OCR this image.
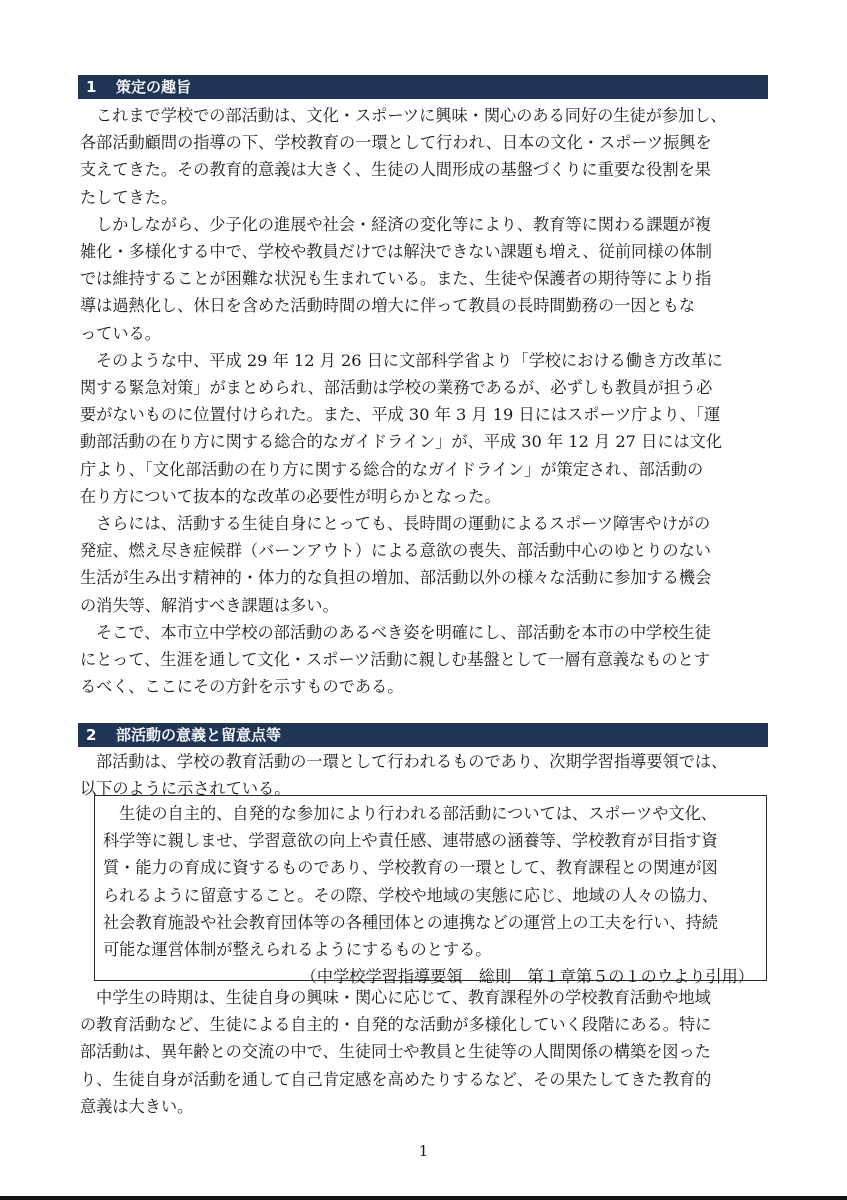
1 策定の趣旨
これまで学校での部活動は、文化・スポーツに興味・関心のある同好の生徒が参加し、
各部活動顧問の指導の下、学校教育の一環として行われ、日本の文化・スポーツ振興を
支えてきた。その教育的意義は大きく、生徒の人間形成の基盤づくりに重要な役割を果
たしてきた。
しかしながら、少子化の進展や社会・経済の変化等により、教育等に関わる課題が複
雑化・多様化する中で、学校や教員だけでは解決できない課題も増え、従前同様の体制
では維持することが困難な状況も生まれている。また、生徒や保護者の期待等により指
導は過熱化し、休日を含めた活動時間の増大に伴って教員の長時間勤務の一因ともな
っている。
そのような中、平成 29 年 12 月 26 日に文部科学省より「学校における働き方改革に
関する緊急対策」がまとめられ、部活動は学校の業務であるが、必ずしも教員が担う必
要がないものに位置付けられた。また、平成 30 年 3 月 19 日にはスポーツ庁より、「運
動部活動の在り方に関する総合的なガイドライン」が、平成 30 年 12 月 27 日には文化
庁より、「文化部活動の在り方に関する総合的なガイドライン」が策定され、部活動の
在り方について抜本的な改革の必要性が明らかとなった。
さらには、活動する生徒自身にとっても、長時間の運動によるスポーツ障害やけがの
発症、燃え尽き症候群（バーンアウト）による意欲の喪失、部活動中心のゆとりのない
生活が生み出す精神的・体力的な負担の増加、部活動以外の様々な活動に参加する機会
の消失等、解消すべき課題は多い。
そこで、本市立中学校の部活動のあるべき姿を明確にし、部活動を本市の中学校生徒
にとって、生涯を通して文化・スポーツ活動に親しむ基盤として一層有意義なものとす
るべく、ここにその方針を示すものである。
2 部活動の意義と留意点等
部活動は、学校の教育活動の一環として行われるものであり、次期学習指導要領では、
以下のように示されている。
生徒の自主的、自発的な参加により行われる部活動については、スポーツや文化、
科学等に親しませ、学習意欲の向上や責任感、連帯感の涵養等、学校教育が目指す資
質・能力の育成に資するものであり、学校教育の一環として、教育課程との関連が図
られるように留意すること。その際、学校や地域の実態に応じ、地域の人々の協力、
社会教育施設や社会教育団体等の各種団体との連携などの運営上の工夫を行い、持続
可能な運営体制が整えられるようにするものとする。
（中学校学習指導要領　総則　第１章第５の１のウより引用）
中学生の時期は、生徒自身の興味・関心に応じて、教育課程外の学校教育活動や地域
の教育活動など、生徒による自主的・自発的な活動が多様化していく段階にある。特に
部活動は、異年齢との交流の中で、生徒同士や教員と生徒等の人間関係の構築を図った
り、生徒自身が活動を通して自己肯定感を高めたりするなど、その果たしてきた教育的
意義は大きい。
1
